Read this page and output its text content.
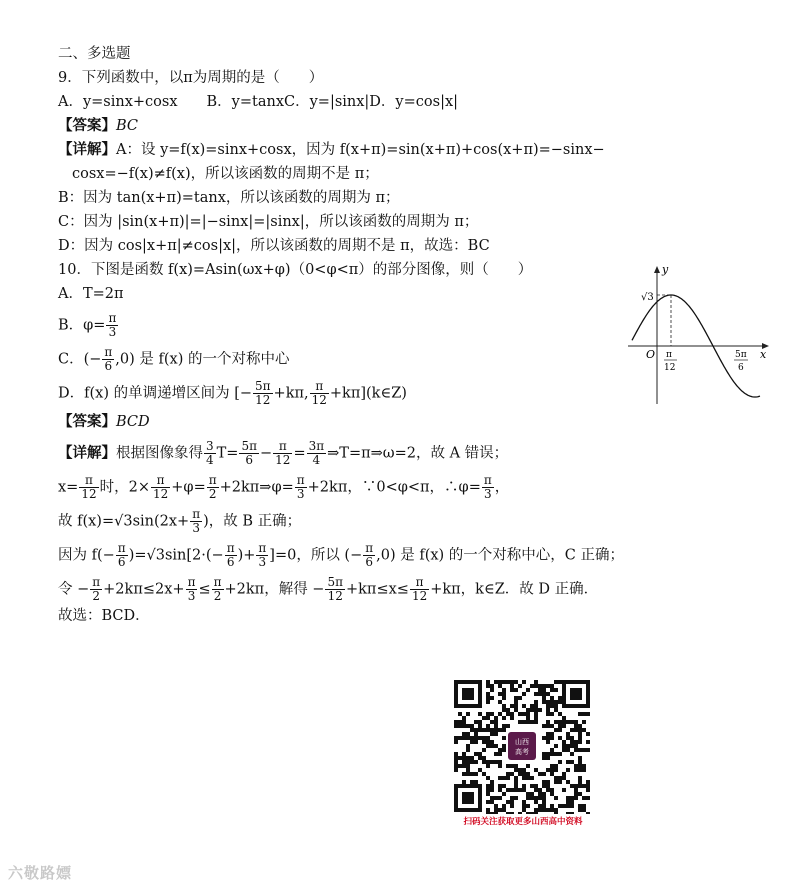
二、多选题
9．下列函数中，以π为周期的是（　　）
A．y=sinx+cosx　　B．y=tanxC．y=|sinx|D．y=cos|x|
【答案】BC
【详解】A：设 y=f(x)=sinx+cosx，因为 f(x+π)=sin(x+π)+cos(x+π)=−sinx−
cosx=−f(x)≠f(x)，所以该函数的周期不是 π；
B：因为 tan(x+π)=tanx，所以该函数的周期为 π；
C：因为 |sin(x+π)|=|−sinx|=|sinx|，所以该函数的周期为 π；
D：因为 cos|x+π|≠cos|x|，所以该函数的周期不是 π，故选：BC
10．下图是函数 f(x)=Asin(ωx+φ)（0<φ<π）的部分图像，则（　　）
A．T=2π
B．$\varphi= \frac{\pi}{3}$
C．(− $\frac{\pi}{6} ,0$) 是 f(x) 的一个对称中心
D．f(x) 的单调递增区间为 [− $\frac{5\pi}{12} +k\pi$, $\frac{\pi}{12}$ +kπ](k∈Z)
【答案】BCD
【详解】根据图像象得 $\frac{3}{4} T= \frac{5\pi}{6} - \frac{\pi}{12} = \frac{3\pi}{4}$ ⇒T=π⇒ω=2，故 A 错误；
$x= \frac{\pi}{12}$ 时，$2\times \frac{\pi}{12} +\varphi= \frac{\pi}{2}$ +2kπ⇒φ= $\frac{\pi}{3} +2k\pi$，∵0<φ<π，∴φ= $\frac{\pi}{3}$ ，
故 $f(x)=√3\sin(2x+ \frac{\pi}{3}$ )，故 B 正确；
因为 $f(- \frac{\pi}{6} )=√3\sin[2\cdot(- \frac{\pi}{6}$ )+ $\frac{\pi}{3} ]=0$，所以 (− $\frac{\pi}{6} ,0$) 是 f(x) 的一个对称中心，C 正确；
令 − $\frac{\pi}{2} +2k\pi\le 2x+ \frac{\pi}{3} \le \frac{\pi}{2} +2k\pi$，解得 − $\frac{5\pi}{12} +k\pi\le x\le \frac{\pi}{12} +k\pi$，k∈Z．故 D 正确．
故选：BCD．
y
x
O
√3
π
12
5π
6
山西
高考
扫码关注获取更多山西高中资料
六敬路嫖
